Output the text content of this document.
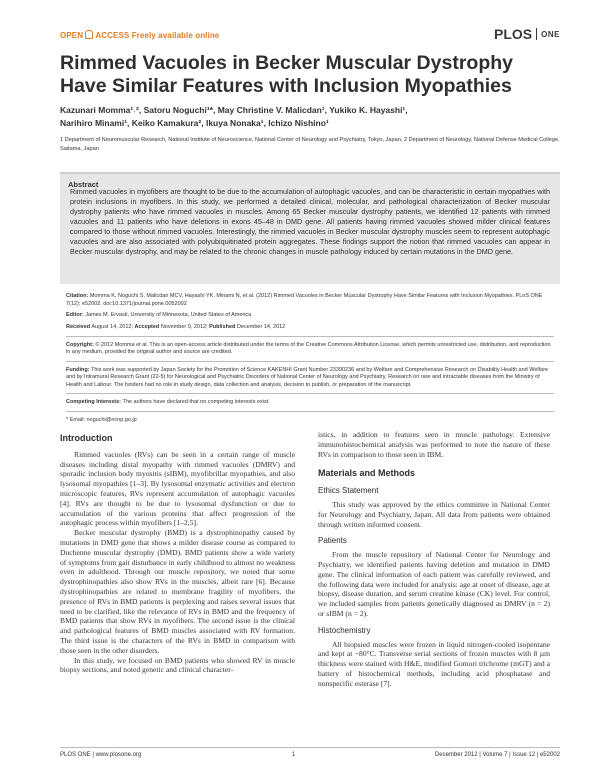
OPEN ACCESS Freely available online	PLOS ONE
Rimmed Vacuoles in Becker Muscular Dystrophy Have Similar Features with Inclusion Myopathies
Kazunari Momma¹˒², Satoru Noguchi¹*, May Christine V. Malicdan¹, Yukiko K. Hayashi¹,
Narihiro Minami¹, Keiko Kamakura², Ikuya Nonaka¹, Ichizo Nishino¹
1 Department of Neuromuscular Research, National Institute of Neuroscience, National Center of Neurology and Psychiatry, Tokyo, Japan, 2 Department of Neurology, National Defense Medical College, Saitama, Japan
Abstract
Rimmed vacuoles in myofibers are thought to be due to the accumulation of autophagic vacuoles, and can be characteristic in certain myopathies with protein inclusions in myofibers. In this study, we performed a detailed clinical, molecular, and pathological characterization of Becker muscular dystrophy patients who have rimmed vacuoles in muscles. Among 65 Becker muscular dystrophy patients, we identified 12 patients with rimmed vacuoles and 11 patients who have deletions in exons 45–48 in DMD gene. All patients having rimmed vacuoles showed milder clinical features compared to those without rimmed vacuoles. Interestingly, the rimmed vacuoles in Becker muscular dystrophy muscles seem to represent autophagic vacuoles and are also associated with polyubiquitinated protein aggregates. These findings support the notion that rimmed vacuoles can appear in Becker muscular dystrophy, and may be related to the chronic changes in muscle pathology induced by certain mutations in the DMD gene.

Citation: Momma K, Noguchi S, Malicdan MCV, Hayashi YK, Minami N, et al. (2012) Rimmed Vacuoles in Becker Muscular Dystrophy Have Similar Features with Inclusion Myopathies. PLoS ONE 7(12): e52002. doi:10.1371/journal.pone.0052002

Editor: James M. Ervasti, University of Minnesota, United States of America

Received August 14, 2012; Accepted November 9, 2012; Published December 14, 2012

Copyright: © 2012 Momma et al. This is an open-access article distributed under the terms of the Creative Commons Attribution License, which permits unrestricted use, distribution, and reproduction in any medium, provided the original author and source are credited.

Funding: This work was supported by Japan Society for the Promotion of Science KAKENHI Grant Number 23390236 and by Welfare and Comprehensive Research on Disability Health and Welfare and by Intramural Research Grant (22-5) for Neurological and Psychiatric Disorders of National Center of Neurology and Psychiatry, Research on rare and intractable diseases from the Ministry of Health and Labour. The funders had no role in study design, data collection and analysis, decision to publish, or preparation of the manuscript.

Competing Interests: The authors have declared that no competing interests exist.

* Email: noguchi@ncnp.go.jp

Introduction

Rimmed vacuoles (RVs) can be seen in a certain range of muscle diseases including distal myopathy with rimmed vacuoles (DMRV) and sporadic inclusion body myositis (sIBM), myofibrillar myopathies, and also lysosomal myopathies [1–3]. By lysosomal enzymatic activities and electron microscopic features, RVs represent accumulation of autophagic vacuoles [4]. RVs are thought to be due to lysosomal dysfunction or due to accumulation of the various proteins that affect progression of the autophagic process within myofibers [1–2,5].

Becker muscular dystrophy (BMD) is a dystrophinopathy caused by mutations in DMD gene that shows a milder disease course as compared to Duchenne muscular dystrophy (DMD). BMD patients show a wide variety of symptoms from gait disturbance in early childhood to almost no weakness even in adulthood. Through our muscle repository, we noted that some dystrophinopathies also show RVs in the muscles, albeit rare [6]. Because dystrophinopathies are related to membrane fragility of myofibers, the presence of RVs in BMD patients is perplexing and raises several issues that need to be clarified, like the relevance of RVs in BMD and the frequency of BMD patients that show RVs in myofibers. The second issue is the clinical and pathological features of BMD muscles associated with RV formation. The third issue is the characters of the RVs in BMD in comparison with those seen in the other disorders.

In this study, we focused on BMD patients who showed RV in muscle biopsy sections, and noted genetic and clinical character-

istics, in addition to features seen in muscle pathology. Extensive immunohistochemical analysis was performed to note the nature of these RVs in comparison to those seen in IBM.

Materials and Methods
Ethics Statement

This study was approved by the ethics committee in National Center for Neurology and Psychiatry, Japan. All data from patients were obtained through written informed consent.

Patients

From the muscle repository of National Center for Neurology and Psychiatry, we identified patients having deletion and mutation in DMD gene. The clinical information of each patient was carefully reviewed, and the following data were included for analysis: age at onset of disease, age at biopsy, disease duration, and serum creatine kinase (CK) level. For control, we included samples from patients genetically diagnosed as DMRV (n = 2) or sIBM (n = 2).

Histochemistry

All biopsied muscles were frozen in liquid nitrogen-cooled isopentane and kept at −80°C. Transverse serial sections of frozen muscles with 8 µm thickness were stained with H&E, modified Gomori trichrome (mGT) and a battery of histochemical methods, including acid phosphatase and nonspecific esterase [7].

PLOS ONE | www.plosone.org	1	December 2012 | Volume 7 | Issue 12 | e52002
